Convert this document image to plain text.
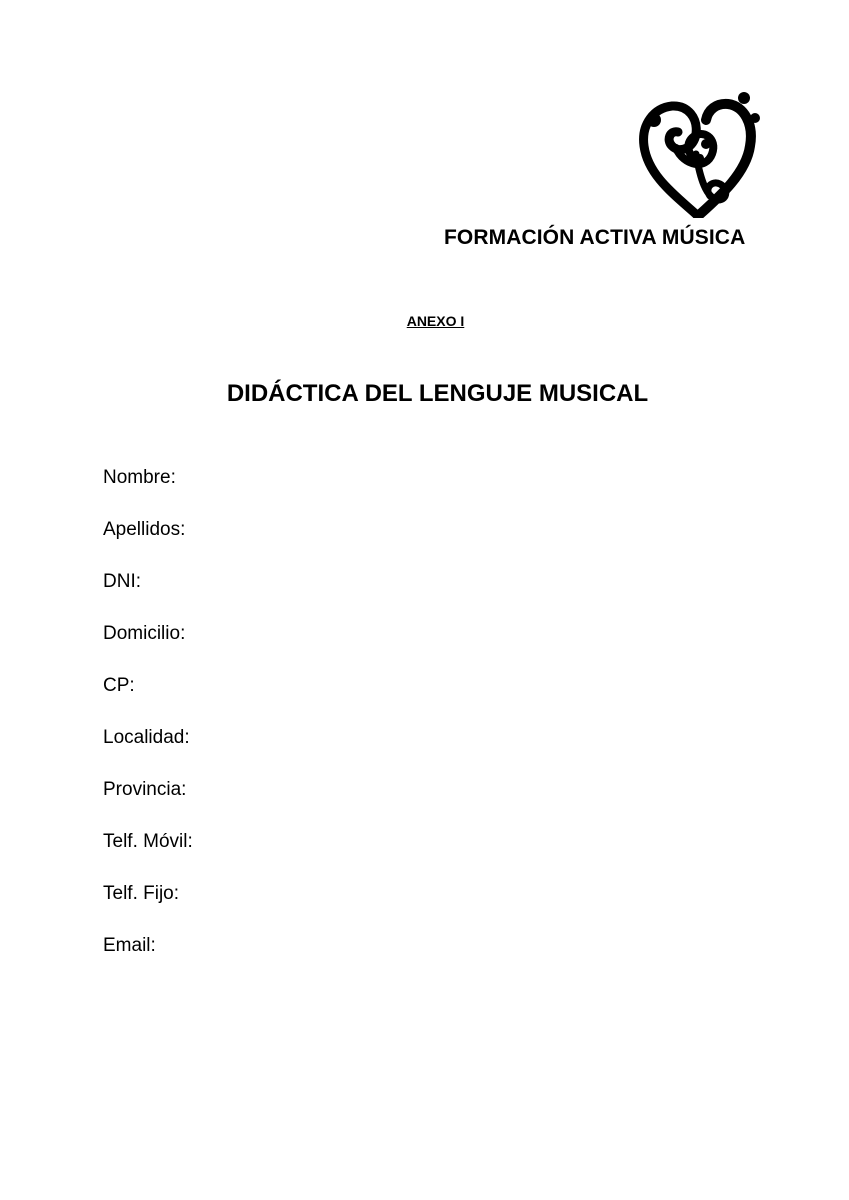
FORMACIÓN ACTIVA MÚSICA
ANEXO I
DIDÁCTICA DEL LENGUJE MUSICAL
Nombre:
Apellidos:
DNI:
Domicilio:
CP:
Localidad:
Provincia:
Telf. Móvil:
Telf. Fijo:
Email:
